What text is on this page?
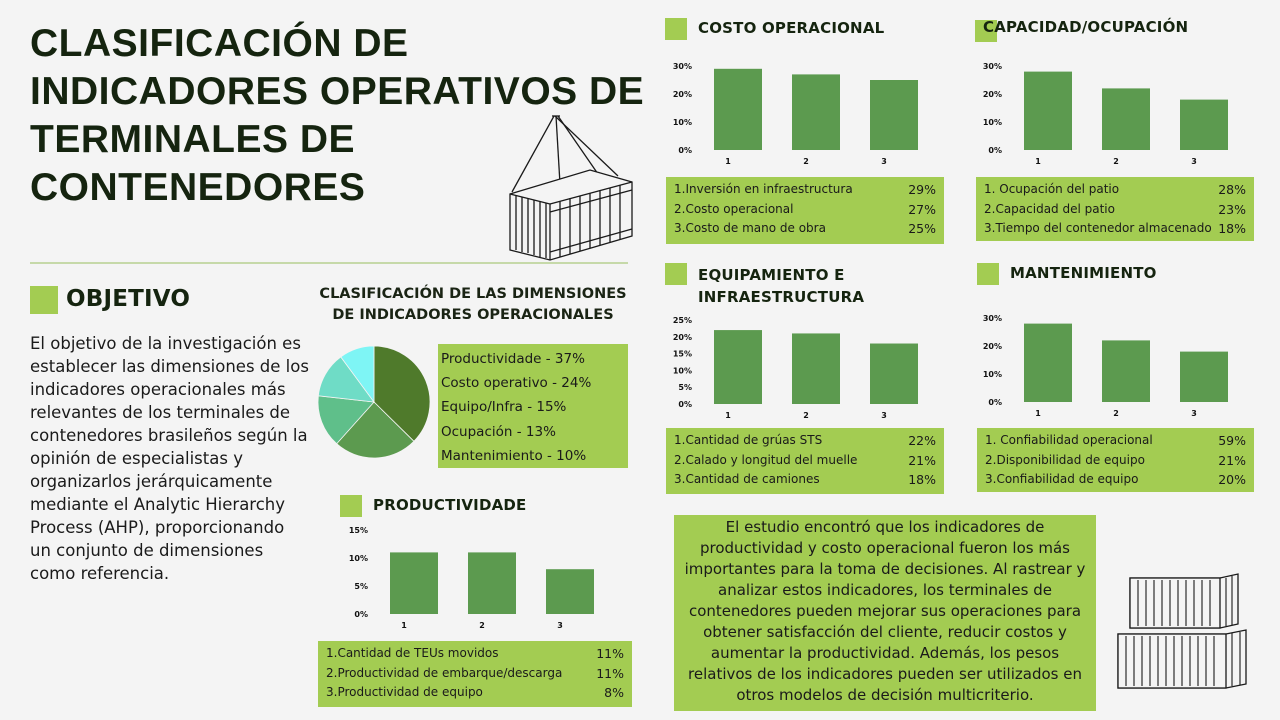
CLASIFICACIÓN DE INDICADORES OPERATIVOS DE TERMINALES DE CONTENEDORES
OBJETIVO
El objetivo de la investigación es establecer las dimensiones de los indicadores operacionales más relevantes de los terminales de contenedores brasileños según la opinión de especialistas y organizarlos jerárquicamente mediante el Analytic Hierarchy Process (AHP), proporcionando un conjunto de dimensiones como referencia.
CLASIFICACIÓN DE LAS DIMENSIONES DE INDICADORES OPERACIONALES
Productividade - 37%
Costo operativo - 24%
Equipo/Infra - 15%
Ocupación - 13%
Mantenimiento - 10%
COSTO OPERACIONAL
0%
10%
20%
30%
1	2	3
1.Inversión en infraestructura	29%
2.Costo operacional	27%
3.Costo de mano de obra	25%
CAPACIDAD/OCUPACIÓN
0%
10%
20%
30%
1	2	3
1. Ocupación del patio	28%
2.Capacidad del patio	23%
3.Tiempo del contenedor almacenado 18%
EQUIPAMIENTO E
INFRAESTRUCTURA
0%
5%
10%
15%
20%
25%
1	2	3
1.Cantidad de grúas STS	22%
2.Calado y longitud del muelle	21%
3.Cantidad de camiones	18%
MANTENIMIENTO
0%
10%
20%
30%
1	2	3
1. Confiabilidad operacional	59%
2.Disponibilidad de equipo	21%
3.Confiabilidad de equipo	20%
PRODUCTIVIDADE
0%
5%
10%
15%
1	2	3
1.Cantidad de TEUs movidos	11%
2.Productividad de embarque/descarga	11%
3.Productividad de equipo	8%
El estudio encontró que los indicadores de productividad y costo operacional fueron los más importantes para la toma de decisiones. Al rastrear y analizar estos indicadores, los terminales de contenedores pueden mejorar sus operaciones para obtener satisfacción del cliente, reducir costos y aumentar la productividad. Además, los pesos relativos de los indicadores pueden ser utilizados en otros modelos de decisión multicriterio.
